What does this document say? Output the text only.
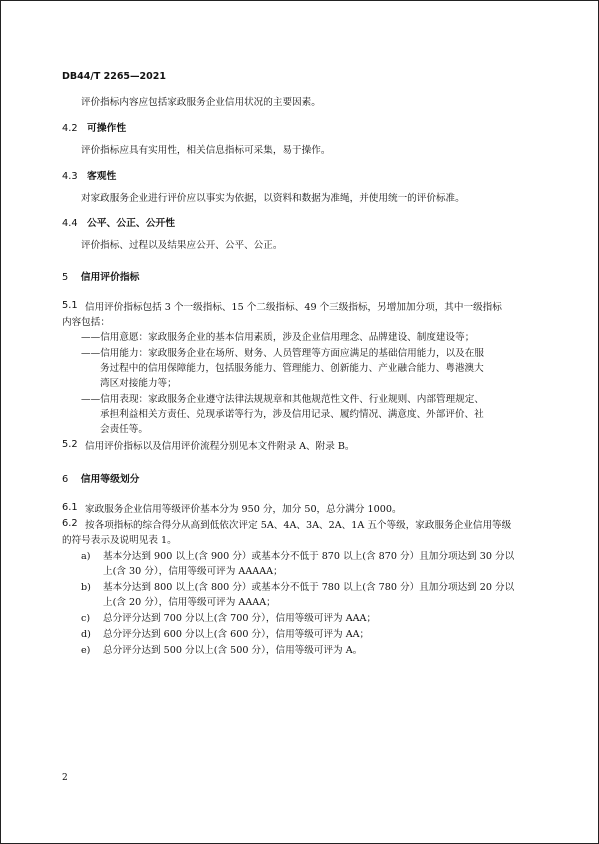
DB44/T 2265—2021
评价指标内容应包括家政服务企业信用状况的主要因素。
4.2 可操作性
评价指标应具有实用性，相关信息指标可采集，易于操作。
4.3 客观性
对家政服务企业进行评价应以事实为依据，以资料和数据为准绳，并使用统一的评价标准。
4.4 公平、公正、公开性
评价指标、过程以及结果应公开、公平、公正。
5 信用评价指标
5.1 信用评价指标包括 3 个一级指标、15 个二级指标、49 个三级指标，另增加加分项，其中一级指标
内容包括：
——信用意愿：家政服务企业的基本信用素质，涉及企业信用理念、品牌建设、制度建设等；
——信用能力：家政服务企业在场所、财务、人员管理等方面应满足的基础信用能力，以及在服
务过程中的信用保障能力，包括服务能力、管理能力、创新能力、产业融合能力、粤港澳大
湾区对接能力等；
——信用表现：家政服务企业遵守法律法规规章和其他规范性文件、行业规则、内部管理规定、
承担利益相关方责任、兑现承诺等行为，涉及信用记录、履约情况、满意度、外部评价、社
会责任等。
5.2 信用评价指标以及信用评价流程分别见本文件附录 A、附录 B。
6 信用等级划分
6.1 家政服务企业信用等级评价基本分为 950 分，加分 50，总分满分 1000。
6.2 按各项指标的综合得分从高到低依次评定 5A、4A、3A、2A、1A 五个等级，家政服务企业信用等级
的符号表示及说明见表 1。
a) 基本分达到 900 以上(含 900 分）或基本分不低于 870 以上(含 870 分）且加分项达到 30 分以
上(含 30 分），信用等级可评为 AAAAA；
b) 基本分达到 800 以上(含 800 分）或基本分不低于 780 以上(含 780 分）且加分项达到 20 分以
上(含 20 分），信用等级可评为 AAAA；
c) 总分评分达到 700 分以上(含 700 分），信用等级可评为 AAA；
d) 总分评分达到 600 分以上(含 600 分），信用等级可评为 AA；
e) 总分评分达到 500 分以上(含 500 分），信用等级可评为 A。
2
